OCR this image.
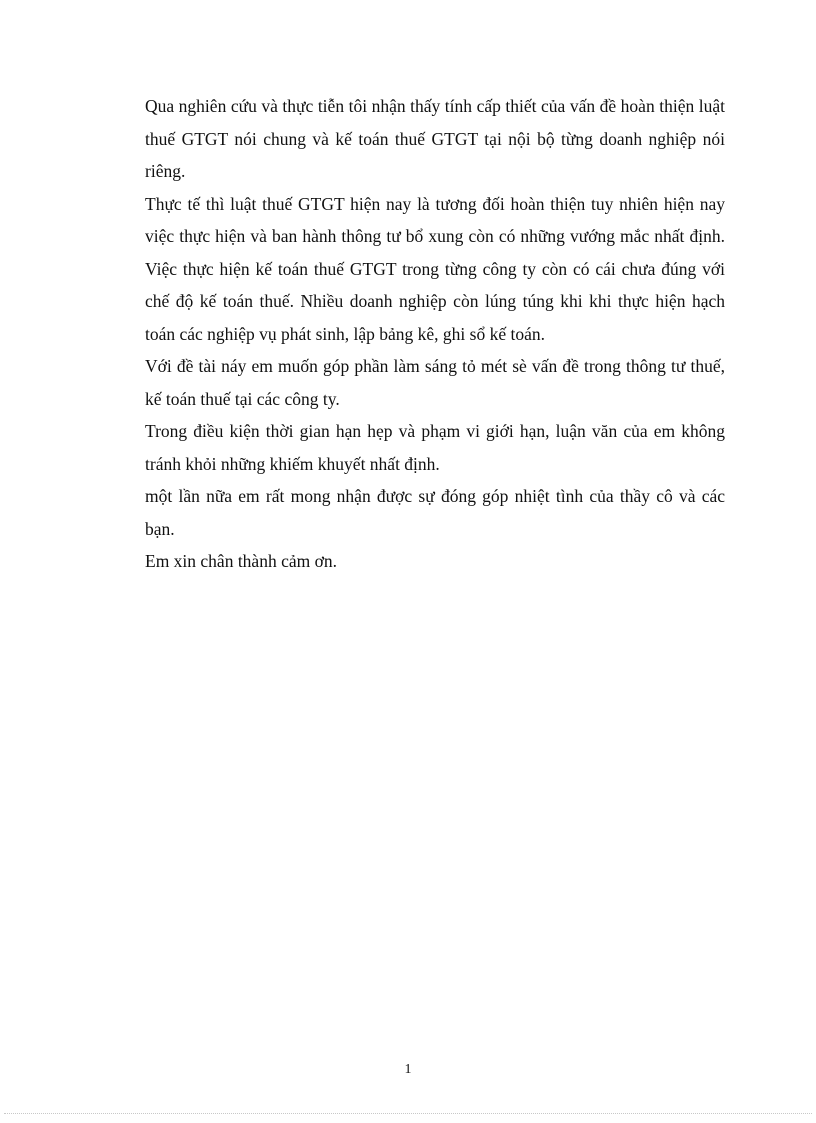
Qua nghiên cứu và thực tiễn tôi nhận thấy tính cấp thiết của vấn đề hoàn thiện luật thuế GTGT nói chung và kế toán thuế GTGT tại nội bộ từng doanh nghiệp nói riêng.

Thực tế thì luật thuế GTGT hiện nay là tương đối hoàn thiện tuy nhiên hiện nay việc thực hiện và ban hành thông tư bổ xung còn có những vướng mắc nhất định. Việc thực hiện kế toán thuế GTGT trong từng công ty còn có cái chưa đúng với chế độ kế toán thuế. Nhiều doanh nghiệp còn lúng túng khi khi thực hiện hạch toán các nghiệp vụ phát sinh, lập bảng kê, ghi sổ kế toán.

Với đề tài náy em muốn góp phần làm sáng tỏ mét sè vấn đề trong thông tư thuế, kế toán thuế tại các công ty.

Trong điều kiện thời gian hạn hẹp và phạm vi giới hạn, luận văn của em không tránh khỏi những khiếm khuyết nhất định.

một lần nữa em rất mong nhận được sự đóng góp nhiệt tình của thầy cô và các bạn.

Em xin chân thành cảm ơn.

1
